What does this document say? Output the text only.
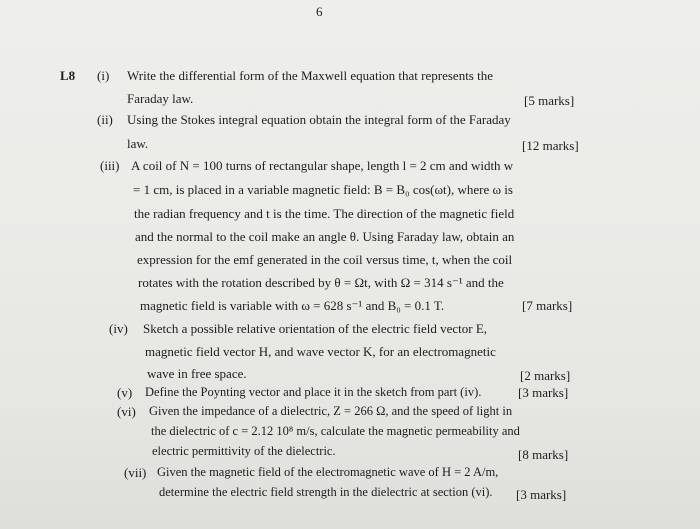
6
L8 (i) Write the differential form of the Maxwell equation that represents the
Faraday law.	[5 marks]
(ii) Using the Stokes integral equation obtain the integral form of the Faraday
law.	[12 marks]
(iii) A coil of N = 100 turns of rectangular shape, length l = 2 cm and width w
= 1 cm, is placed in a variable magnetic field: B = B₀ cos(ωt), where ω is
the radian frequency and t is the time. The direction of the magnetic field
and the normal to the coil make an angle θ. Using Faraday law, obtain an
expression for the emf generated in the coil versus time, t, when the coil
rotates with the rotation described by θ = Ωt, with Ω = 314 s⁻¹ and the
magnetic field is variable with ω = 628 s⁻¹ and B₀ = 0.1 T.	[7 marks]
(iv) Sketch a possible relative orientation of the electric field vector E,
magnetic field vector H, and wave vector K, for an electromagnetic
wave in free space.	[2 marks]
(v) Define the Poynting vector and place it in the sketch from part (iv).	[3 marks]
(vi) Given the impedance of a dielectric, Z = 266 Ω, and the speed of light in
the dielectric of c = 2.12 10⁸ m/s, calculate the magnetic permeability and
electric permittivity of the dielectric.	[8 marks]
(vii) Given the magnetic field of the electromagnetic wave of H = 2 A/m,
determine the electric field strength in the dielectric at section (vi). [3 marks]
